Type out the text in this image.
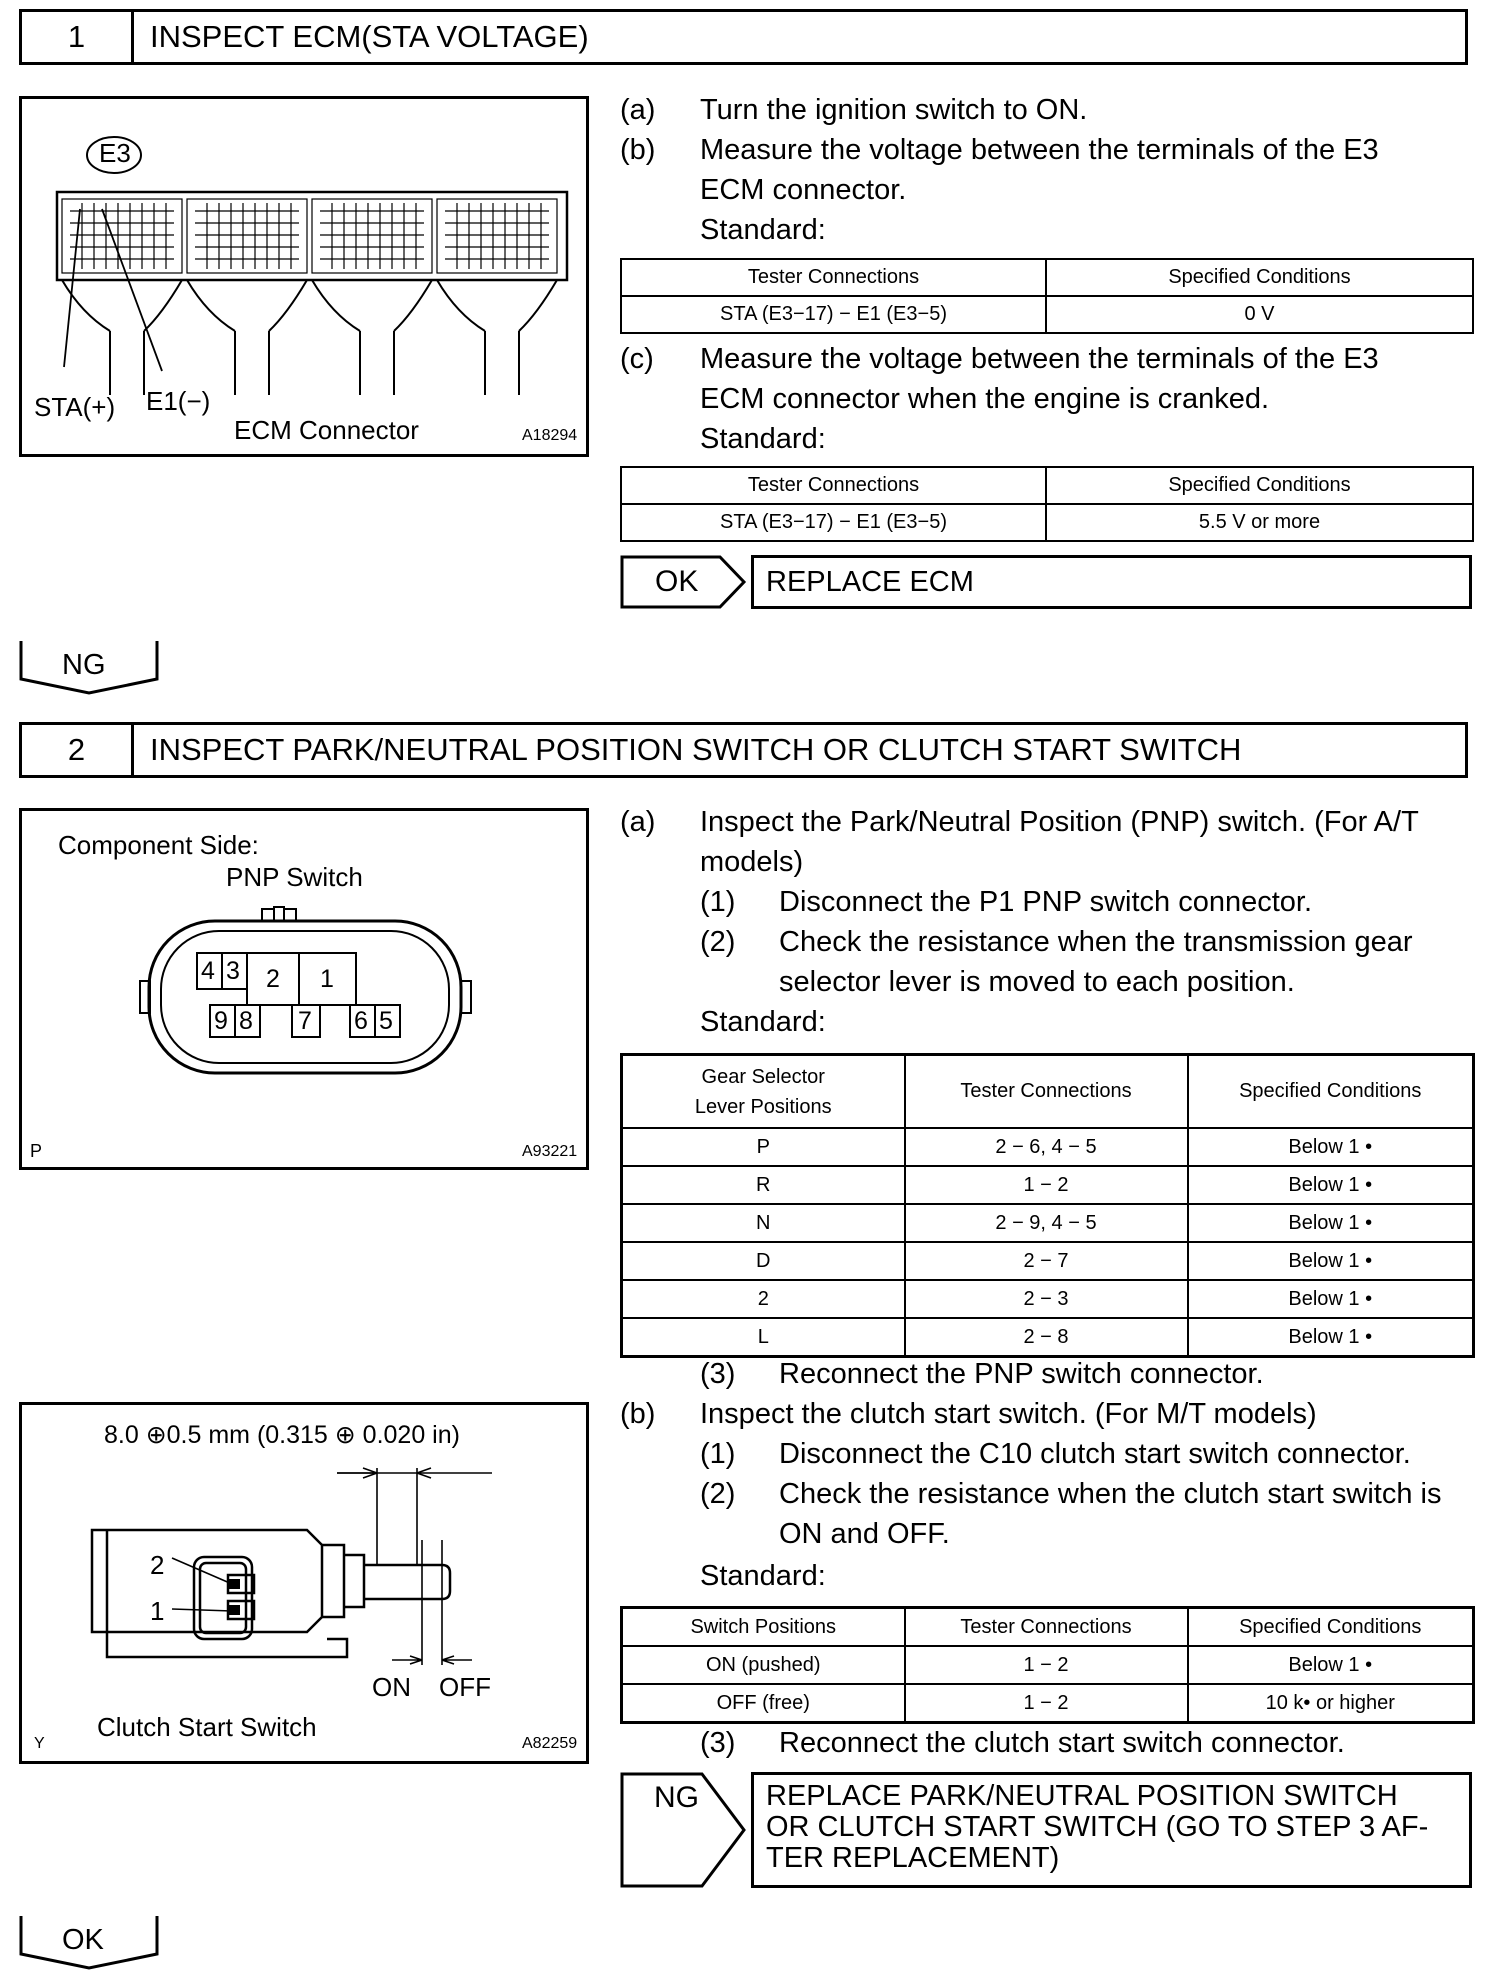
1	INSPECT ECM(STA VOLTAGE)
E3
STA(+) E1(−)
ECM Connector	A18294
(a) Turn the ignition switch to ON.
(b) Measure the voltage between the terminals of the E3
ECM connector.
Standard:
Tester Connections	Specified Conditions
STA (E3−17) − E1 (E3−5)	0 V
(c) Measure the voltage between the terminals of the E3
ECM connector when the engine is cranked.
Standard:
Tester Connections	Specified Conditions
STA (E3−17) − E1 (E3−5)	5.5 V or more
OK	REPLACE ECM
NG
2	INSPECT PARK/NEUTRAL POSITION SWITCH OR CLUTCH START SWITCH
Component Side:
PNP Switch
4 3 2 1
9 8 7 6 5
P	A93221
(a) Inspect the Park/Neutral Position (PNP) switch. (For A/T
models)
(1) Disconnect the P1 PNP switch connector.
(2) Check the resistance when the transmission gear
selector lever is moved to each position.
Standard:
Gear Selector
Lever Positions	Tester Connections	Specified Conditions
P	2 − 6, 4 − 5	Below 1 •
R	1 − 2	Below 1 •
N	2 − 9, 4 − 5	Below 1 •
D	2 − 7	Below 1 •
2	2 − 3	Below 1 •
L	2 − 8	Below 1 •
(3) Reconnect the PNP switch connector.
8.0 ⊕0.5 mm (0.315 ⊕ 0.020 in)
2
1
ON OFF
Clutch Start Switch
Y	A82259
(b) Inspect the clutch start switch. (For M/T models)
(1) Disconnect the C10 clutch start switch connector.
(2) Check the resistance when the clutch start switch is
ON and OFF.
Standard:
Switch Positions	Tester Connections	Specified Conditions
ON (pushed)	1 − 2	Below 1 •
OFF (free)	1 − 2	10 k• or higher
(3) Reconnect the clutch start switch connector.
NG REPLACE PARK/NEUTRAL POSITION SWITCH
OR CLUTCH START SWITCH (GO TO STEP 3 AF-
TER REPLACEMENT)
OK
